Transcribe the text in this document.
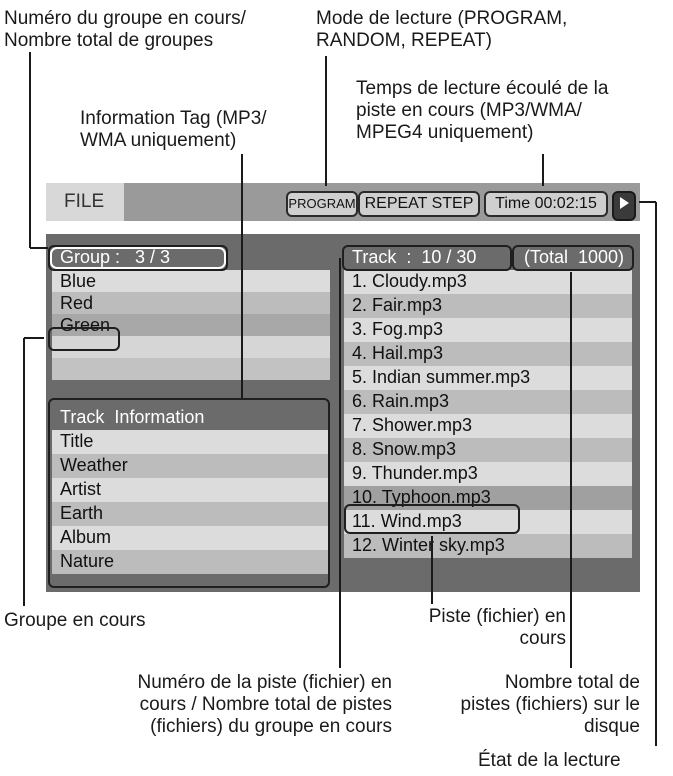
Numéro du groupe en cours/
Nombre total de groupes
Mode de lecture (PROGRAM,
RANDOM, REPEAT)
Temps de lecture écoulé de la
piste en cours (MP3/WMA/
MPEG4 uniquement)
Information Tag (MP3/
WMA uniquement)
Groupe en cours	Piste (fichier) en
cours
Numéro de la piste (fichier) en
cours / Nombre total de pistes
(fichiers) du groupe en cours
Nombre total de
pistes (fichiers) sur le
disque
État de la lecture
FILE	PROGRAM REPEAT STEP	Time 00:02:15
Group :   3 / 3
Blue
Red
Green
Track  Information
Title
Weather
Artist
Earth
Album
Nature
Track  :  10 / 30	(Total  1000)
1. Cloudy.mp3
2. Fair.mp3
3. Fog.mp3
4. Hail.mp3
5. Indian summer.mp3
6. Rain.mp3
7. Shower.mp3
8. Snow.mp3
9. Thunder.mp3
10. Typhoon.mp3
11. Wind.mp3
12. Winter sky.mp3
